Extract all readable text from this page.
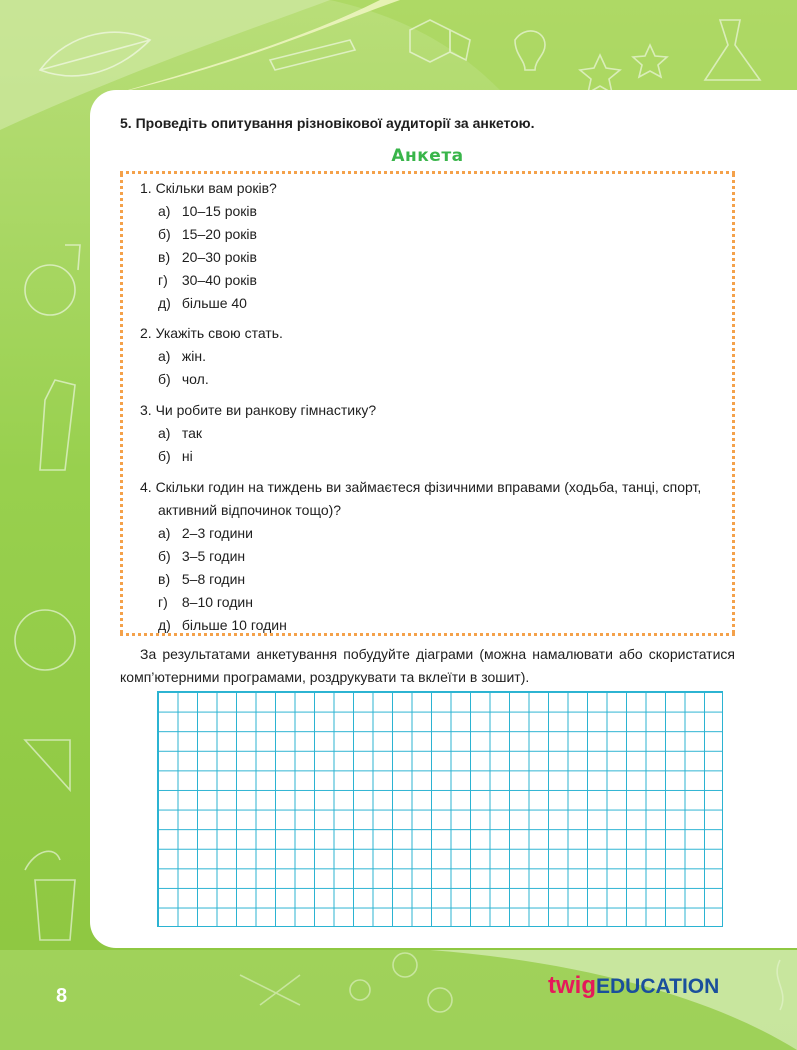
5. Проведіть опитування різновікової аудиторії за анкетою.
Анкета
1. Скільки вам років?
а) 10–15 років
б) 15–20 років
в) 20–30 років
г) 30–40 років
д) більше 40
2. Укажіть свою стать.
а) жін.
б) чол.
3. Чи робите ви ранкову гімнастику?
а) так
б) ні
4. Скільки годин на тиждень ви займаєтеся фізичними вправами (ходьба, танці, спорт,
активний відпочинок тощо)?
а) 2–3 години
б) 3–5 годин
в) 5–8 годин
г) 8–10 годин
д) більше 10 годин
За результатами анкетування побудуйте діаграми (можна намалювати або скористатися комп’ютерними програмами, роздрукувати та вклеїти в зошит).
8	twigEDUCATION
